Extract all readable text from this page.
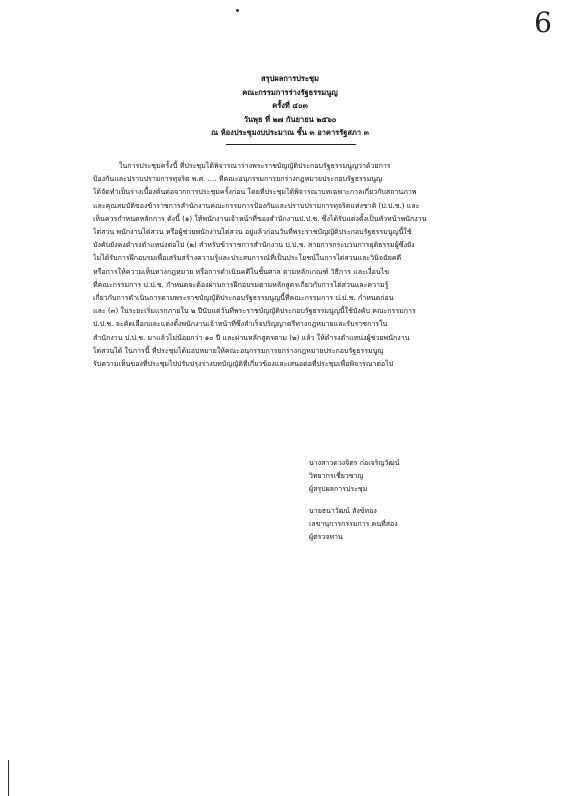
6
สรุปผลการประชุม
คณะกรรมการร่างรัฐธรรมนูญ
ครั้งที่ ๔๐๓
วันพุธ ที่ ๒๗ กันยายน ๒๕๖๐
ณ ห้องประชุมงบประมาณ ชั้น ๓ อาคารรัฐสภา ๓
ในการประชุมครั้งนี้ ที่ประชุมได้พิจารณาร่างพระราชบัญญัติประกอบรัฐธรรมนูญว่าด้วยการ
ป้องกันและปราบปรามการทุจริต พ.ศ. .... ที่คณะอนุกรรมการยกร่างกฎหมายประกอบรัฐธรรมนูญ
ได้จัดทำเป็นร่างเบื้องต้นต่อจากการประชุมครั้งก่อน โดยที่ประชุมได้พิจารณาบทเฉพาะกาลเกี่ยวกับสถานภาพ
และคุณสมบัติของข้าราชการสำนักงานคณะกรรมการป้องกันและปราบปรามการทุจริตแห่งชาติ (ป.ป.ช.) และ
เห็นควรกำหนดหลักการ ดังนี้ (๑) ให้พนักงานเจ้าหน้าที่ของสำนักงานป.ป.ช. ซึ่งได้รับแต่งตั้งเป็นหัวหน้าพนักงาน
ไต่สวน พนักงานไต่สวน หรือผู้ช่วยพนักงานไต่สวน อยู่แล้วก่อนวันที่พระราชบัญญัติประกอบรัฐธรรมนูญนี้ใช้
บังคับยังคงดำรงตำแหน่งต่อไป (๒) สำหรับข้าราชการสำนักงาน ป.ป.ช. สายการกระบวนการยุติธรรมผู้ซึ่งยัง
ไม่ได้รับการฝึกอบรมเพื่อเสริมสร้างความรู้และประสบการณ์ที่เป็นประโยชน์ในการไต่สวนและวินิจฉัยคดี
หรือการให้ความเห็นทางกฎหมาย หรือการดำเนินคดีในชั้นศาล ตามหลักเกณฑ์ วิธีการ และเงื่อนไข
ที่คณะกรรมการ ป.ป.ช. กำหนดจะต้องผ่านการฝึกอบรมตามหลักสูตรเกี่ยวกับการไต่สวนและความรู้
เกี่ยวกับการดำเนินการตามพระราชบัญญัติประกอบรัฐธรรมนูญนี้ที่คณะกรรมการ ป.ป.ช. กำหนดก่อน
และ (๓) ในระยะเริ่มแรกภายใน ๒ ปีนับแต่วันที่พระราชบัญญัติประกอบรัฐธรรมนูญนี้ใช้บังคับ คณะกรรมการ
ป.ป.ช. จะคัดเลือกและแต่งตั้งพนักงานเจ้าหน้าที่ซึ่งสำเร็จปริญญาตรีทางกฎหมายและรับราชการใน
สำนักงาน ป.ป.ช. มาแล้วไม่น้อยกว่า ๑๐ ปี และผ่านหลักสูตรตาม (๒) แล้ว ให้ดำรงตำแหน่งผู้ช่วยพนักงาน
ไต่สวนได้ ในการนี้ ที่ประชุมได้มอบหมายให้คณะอนุกรรมการยกร่างกฎหมายประกอบรัฐธรรมนูญ
รับความเห็นของที่ประชุมไปปรับปรุงร่างบทบัญญัติที่เกี่ยวข้องและเสนอต่อที่ประชุมเพื่อพิจารณาต่อไป
นางสาวดวงจิตร ก่อเจริญวัฒน์
วิทยากรเชี่ยวชาญ
ผู้สรุปผลการประชุม
นายธนาวัฒน์ สังข์ทอง
เลขานุการกรรมการ คนที่สอง
ผู้ตรวจทาน
